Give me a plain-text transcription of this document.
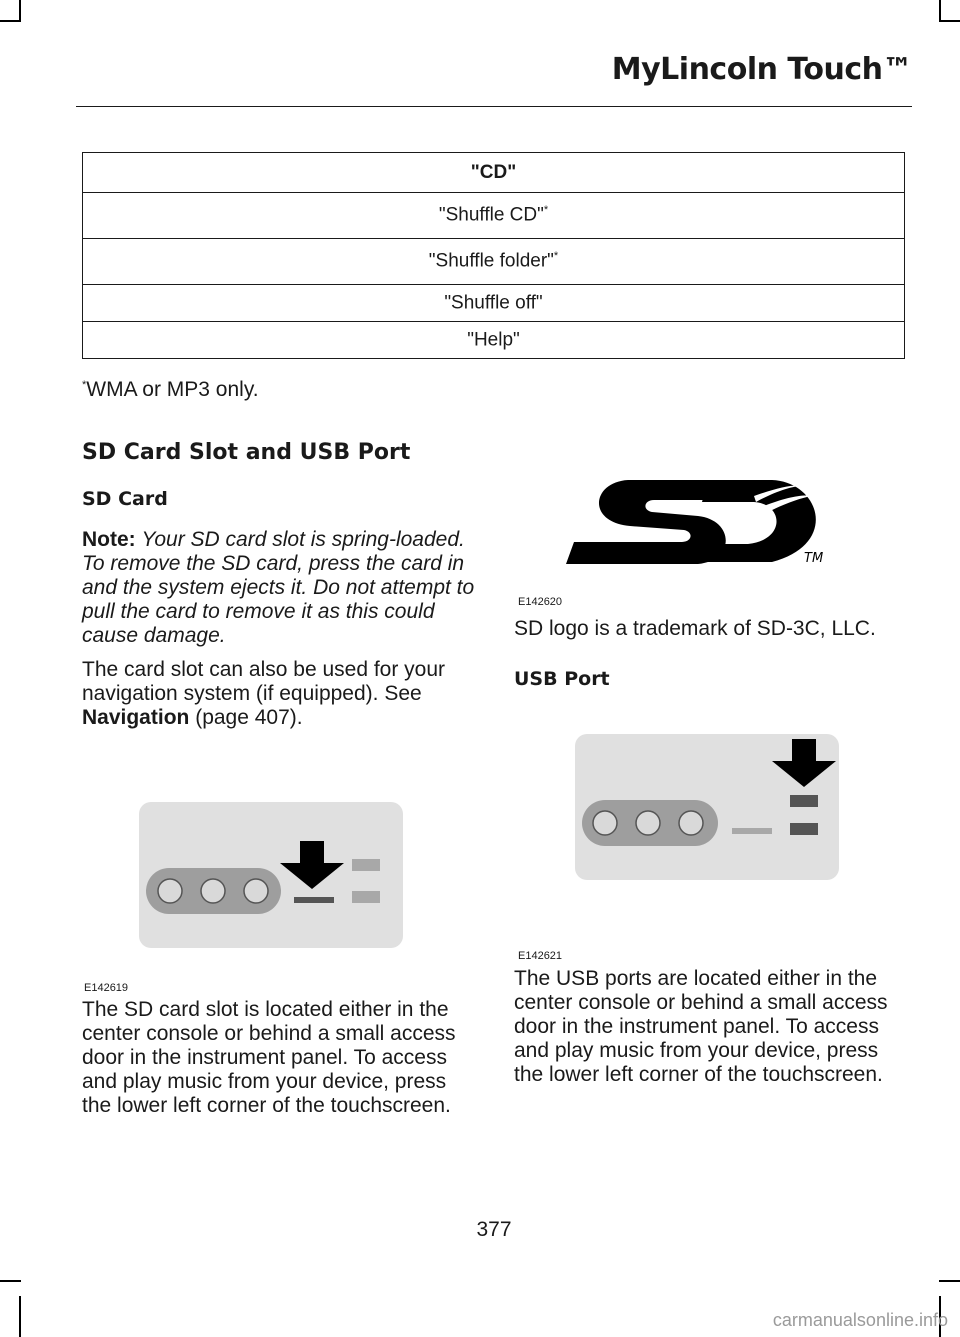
MyLincoln Touch™
"CD"
"Shuffle CD"*
"Shuffle folder"*
"Shuffle off"
"Help"
*WMA or MP3 only.
SD Card Slot and USB Port
SD Card
Note: Your SD card slot is spring-loaded. To remove the SD card, press the card in and the system ejects it. Do not attempt to pull the card to remove it as this could cause damage.
The card slot can also be used for your navigation system (if equipped). See
Navigation (page 407).
E142619
The SD card slot is located either in the center console or behind a small access door in the instrument panel. To access and play music from your device, press the lower left corner of the touchscreen.
TM
E142620
SD logo is a trademark of SD-3C, LLC.
USB Port
E142621
The USB ports are located either in the center console or behind a small access door in the instrument panel. To access and play music from your device, press the lower left corner of the touchscreen.
377
carmanualsonline.info
